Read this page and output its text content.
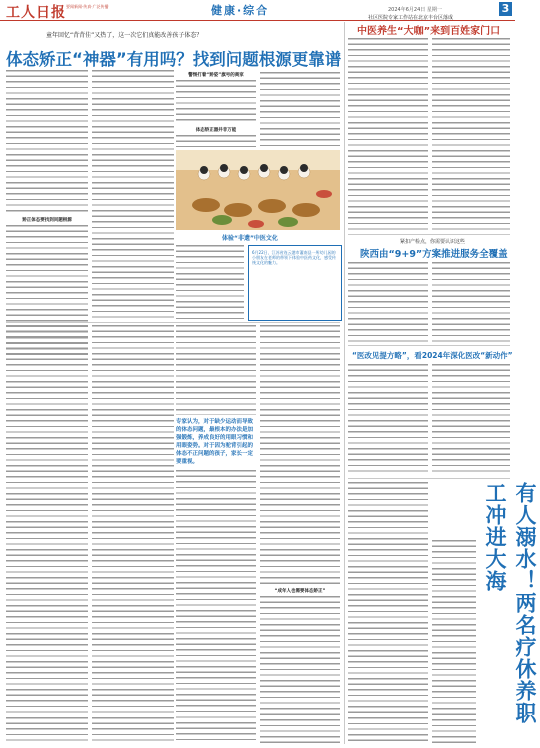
工人日报 要闻新闻·传真·广泛传播	健康·综合	2024年6月24日 星期一	3
童年回忆“背背佳”又热了，这一次它们真能改善孩子体态？
体态矫正“神器”有用吗？找到问题根源更靠谱
矫正体态要找到问题根源
警惕打着“矫姿”旗号的商家
体态矫正器并非万能
体验“非遗”中医文化
6月22日，江苏省连云港市灌南县一所幼儿园的小朋友在老师的带领下体验中医药文化，感受传统文化的魅力。
专家认为，对于缺少运动而导致的体态问题，最根本的办法是加强锻炼，养成良好的用眼习惯和用眼姿势。对于因为驼背引起的体态不正问题的孩子，家长一定要重视。
“成年人也需要体态矫正”
社区医院专家工作站在北京丰台区落成
中医养生“大咖”来到百姓家门口
紧扣产检点，你需要认识这些
陕西由“9+9”方案推进服务全覆盖
“医改见提方略”，看2024年深化医改“新动作”
有人溺水！两名疗休养职工冲进大海
